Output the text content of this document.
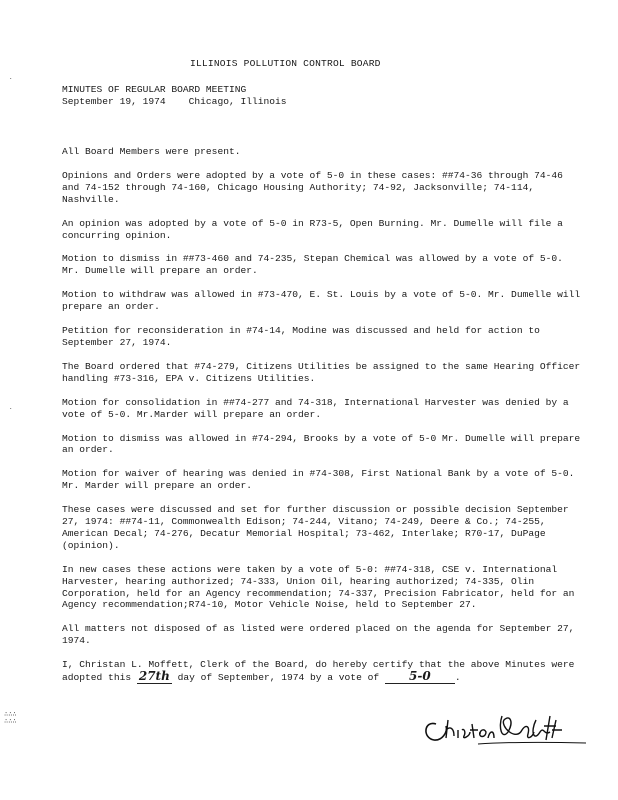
ILLINOIS POLLUTION CONTROL BOARD
MINUTES OF REGULAR BOARD MEETING
September 19, 1974    Chicago, Illinois
˙
˙

All Board Members were present.

Opinions and Orders were adopted by a vote of 5-0 in these cases: ##74-36 through 74-46 and 74-152 through 74-160, Chicago Housing Authority; 74-92, Jacksonville; 74-114, Nashville.

An opinion was adopted by a vote of 5-0 in R73-5, Open Burning. Mr. Dumelle will file a concurring opinion.

Motion to dismiss in ##73-460 and 74-235, Stepan Chemical was allowed by a vote of 5-0. Mr. Dumelle will prepare an order.

Motion to withdraw was allowed in #73-470, E. St. Louis by a vote of 5-0. Mr. Dumelle will prepare an order.

Petition for reconsideration in #74-14, Modine was discussed and held for action to September 27, 1974.

The Board ordered that #74-279, Citizens Utilities be assigned to the same Hearing Officer handling #73-316, EPA v. Citizens Utilities.

Motion for consolidation in ##74-277 and 74-318, International Harvester was denied by a vote of 5-0. Mr.Marder will prepare an order.

Motion to dismiss was allowed in #74-294, Brooks by a vote of 5-0 Mr. Dumelle will prepare an order.

Motion for waiver of hearing was denied in #74-308, First National Bank by a vote of 5-0. Mr. Marder will prepare an order.

These cases were discussed and set for further discussion or possible decision September 27, 1974: ##74-11, Commonwealth Edison; 74-244, Vitano; 74-249, Deere & Co.; 74-255, American Decal; 74-276, Decatur Memorial Hospital; 73-462, Interlake; R70-17, DuPage (opinion).

In new cases these actions were taken by a vote of 5-0: ##74-318, CSE v. International Harvester, hearing authorized; 74-333, Union Oil, hearing authorized; 74-335, Olin Corporation, held for an Agency recommendation; 74-337, Precision Fabricator, held for an Agency recommendation;R74-10, Motor Vehicle Noise, held to September 27.

All matters not disposed of as listed were ordered placed on the agenda for September 27, 1974.

I, Christan L. Moffett, Clerk of the Board, do hereby certify that the above Minutes were adopted this 27th day of September, 1974 by a vote of 5-0	.

∴∴∴
∴∴∴
